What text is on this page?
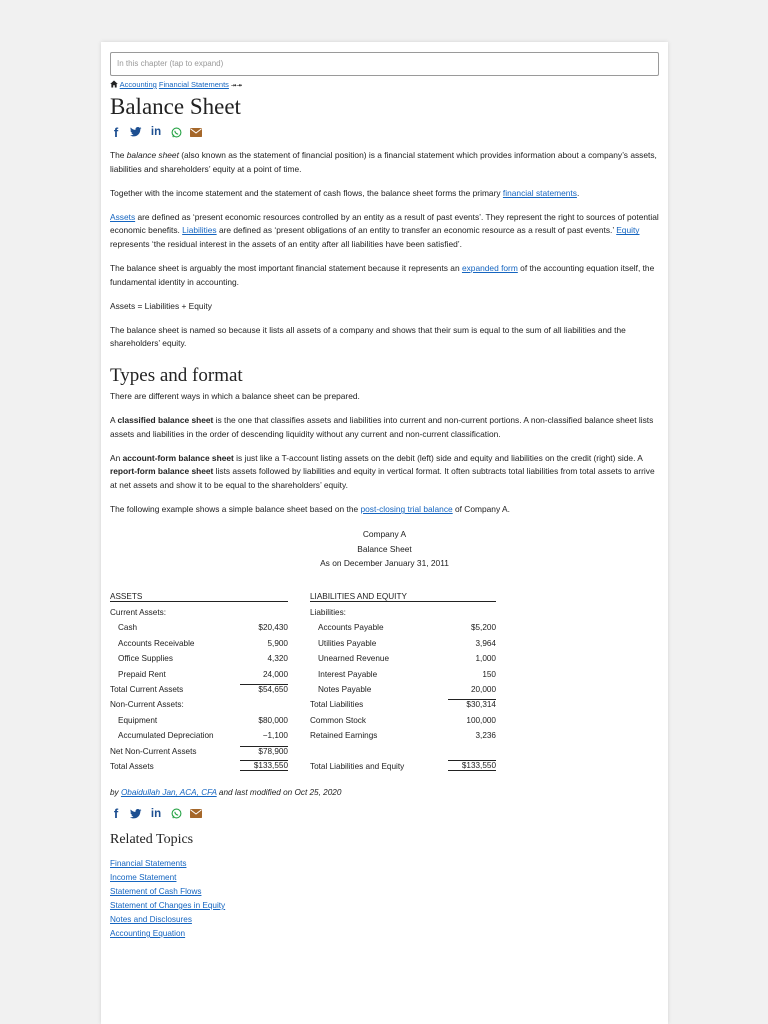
In this chapter (tap to expand)
Accounting Financial Statements ⯮⯮
Balance Sheet
f	in

The balance sheet (also known as the statement of financial position) is a financial statement which provides information about a company’s assets, liabilities and shareholders’ equity at a point of time.

Together with the income statement and the statement of cash flows, the balance sheet forms the primary financial statements.

Assets are defined as ‘present economic resources controlled by an entity as a result of past events’. They represent the right to sources of potential economic benefits. Liabilities are defined as ‘present obligations of an entity to transfer an economic resource as a result of past events.’ Equity represents ‘the residual interest in the assets of an entity after all liabilities have been satisfied’.

The balance sheet is arguably the most important financial statement because it represents an expanded form of the accounting equation itself, the fundamental identity in accounting.

Assets = Liabilities + Equity

The balance sheet is named so because it lists all assets of a company and shows that their sum is equal to the sum of all liabilities and the shareholders’ equity.

Types and format

There are different ways in which a balance sheet can be prepared.

A classified balance sheet is the one that classifies assets and liabilities into current and non-current portions. A non-classified balance sheet lists assets and liabilities in the order of descending liquidity without any current and non-current classification.

An account-form balance sheet is just like a T-account listing assets on the debit (left) side and equity and liabilities on the credit (right) side. A report-form balance sheet lists assets followed by liabilities and equity in vertical format. It often subtracts total liabilities from total assets to arrive at net assets and show it to be equal to the shareholders’ equity.

The following example shows a simple balance sheet based on the post-closing trial balance of Company A.

Company A
Balance Sheet
As on December January 31, 2011
ASSETS
Current Assets:
Cash	$20,430
Accounts Receivable	5,900
Office Supplies	4,320
Prepaid Rent	24,000
Total Current Assets	$54,650
Non-Current Assets:
Equipment	$80,000
Accumulated Depreciation	−1,100
Net Non-Current Assets	$78,900
Total Assets	$133,550
LIABILITIES AND EQUITY
Liabilities:
Accounts Payable	$5,200
Utilities Payable	3,964
Unearned Revenue	1,000
Interest Payable	150
Notes Payable	20,000
Total Liabilities	$30,314
Common Stock	100,000
Retained Earnings	3,236
Total Liabilities and Equity	$133,550
by Obaidullah Jan, ACA, CFA and last modified on Oct 25, 2020
f	in
Related Topics
Financial Statements
Income Statement
Statement of Cash Flows
Statement of Changes in Equity
Notes and Disclosures
Accounting Equation
